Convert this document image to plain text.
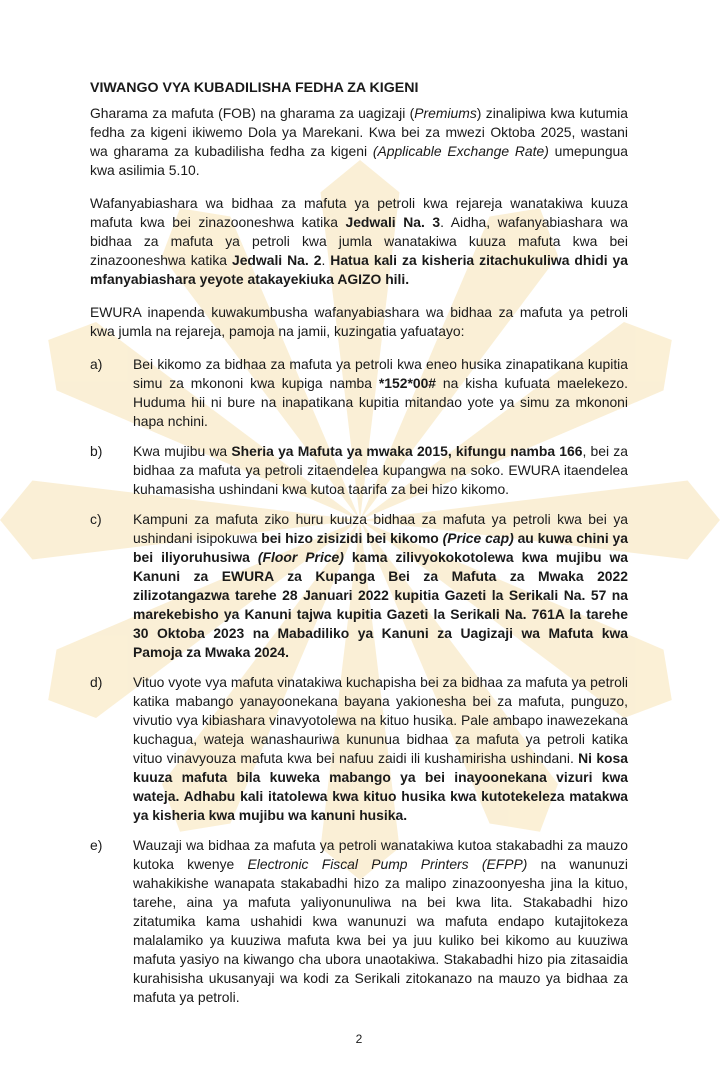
VIWANGO VYA KUBADILISHA FEDHA ZA KIGENI

Gharama za mafuta (FOB) na gharama za uagizaji (Premiums) zinalipiwa kwa kutumia fedha za kigeni ikiwemo Dola ya Marekani. Kwa bei za mwezi Oktoba 2025, wastani wa gharama za kubadilisha fedha za kigeni (Applicable Exchange Rate) umepungua kwa asilimia 5.10.

Wafanyabiashara wa bidhaa za mafuta ya petroli kwa rejareja wanatakiwa kuuza mafuta kwa bei zinazooneshwa katika Jedwali Na. 3. Aidha, wafanyabiashara wa bidhaa za mafuta ya petroli kwa jumla wanatakiwa kuuza mafuta kwa bei zinazooneshwa katika Jedwali Na. 2. Hatua kali za kisheria zitachukuliwa dhidi ya mfanyabiashara yeyote atakayekiuka AGIZO hili.

EWURA inapenda kuwakumbusha wafanyabiashara wa bidhaa za mafuta ya petroli kwa jumla na rejareja, pamoja na jamii, kuzingatia yafuatayo:

a)	Bei kikomo za bidhaa za mafuta ya petroli kwa eneo husika zinapatikana kupitia simu za mkononi kwa kupiga namba *152*00# na kisha kufuata maelekezo. Huduma hii ni bure na inapatikana kupitia mitandao yote ya simu za mkononi hapa nchini.
b)	Kwa mujibu wa Sheria ya Mafuta ya mwaka 2015, kifungu namba 166, bei za bidhaa za mafuta ya petroli zitaendelea kupangwa na soko. EWURA itaendelea kuhamasisha ushindani kwa kutoa taarifa za bei hizo kikomo.
c)	Kampuni za mafuta ziko huru kuuza bidhaa za mafuta ya petroli kwa bei ya ushindani isipokuwa bei hizo zisizidi bei kikomo (Price cap) au kuwa chini ya bei iliyoruhusiwa (Floor Price) kama zilivyokokotolewa kwa mujibu wa Kanuni za EWURA za Kupanga Bei za Mafuta za Mwaka 2022 zilizotangazwa tarehe 28 Januari 2022 kupitia Gazeti la Serikali Na. 57 na marekebisho ya Kanuni tajwa kupitia Gazeti la Serikali Na. 761A la tarehe 30 Oktoba 2023 na Mabadiliko ya Kanuni za Uagizaji wa Mafuta kwa Pamoja za Mwaka 2024.
d)	Vituo vyote vya mafuta vinatakiwa kuchapisha bei za bidhaa za mafuta ya petroli katika mabango yanayoonekana bayana yakionesha bei za mafuta, punguzo, vivutio vya kibiashara vinavyotolewa na kituo husika. Pale ambapo inawezekana kuchagua, wateja wanashauriwa kununua bidhaa za mafuta ya petroli katika vituo vinavyouza mafuta kwa bei nafuu zaidi ili kushamirisha ushindani. Ni kosa kuuza mafuta bila kuweka mabango ya bei inayoonekana vizuri kwa wateja. Adhabu kali itatolewa kwa kituo husika kwa kutotekeleza matakwa ya kisheria kwa mujibu wa kanuni husika.
e)	Wauzaji wa bidhaa za mafuta ya petroli wanatakiwa kutoa stakabadhi za mauzo kutoka kwenye Electronic Fiscal Pump Printers (EFPP) na wanunuzi wahakikishe wanapata stakabadhi hizo za malipo zinazoonyesha jina la kituo, tarehe, aina ya mafuta yaliyonunuliwa na bei kwa lita. Stakabadhi hizo zitatumika kama ushahidi kwa wanunuzi wa mafuta endapo kutajitokeza malalamiko ya kuuziwa mafuta kwa bei ya juu kuliko bei kikomo au kuuziwa mafuta yasiyo na kiwango cha ubora unaotakiwa. Stakabadhi hizo pia zitasaidia kurahisisha ukusanyaji wa kodi za Serikali zitokanazo na mauzo ya bidhaa za mafuta ya petroli.
2
